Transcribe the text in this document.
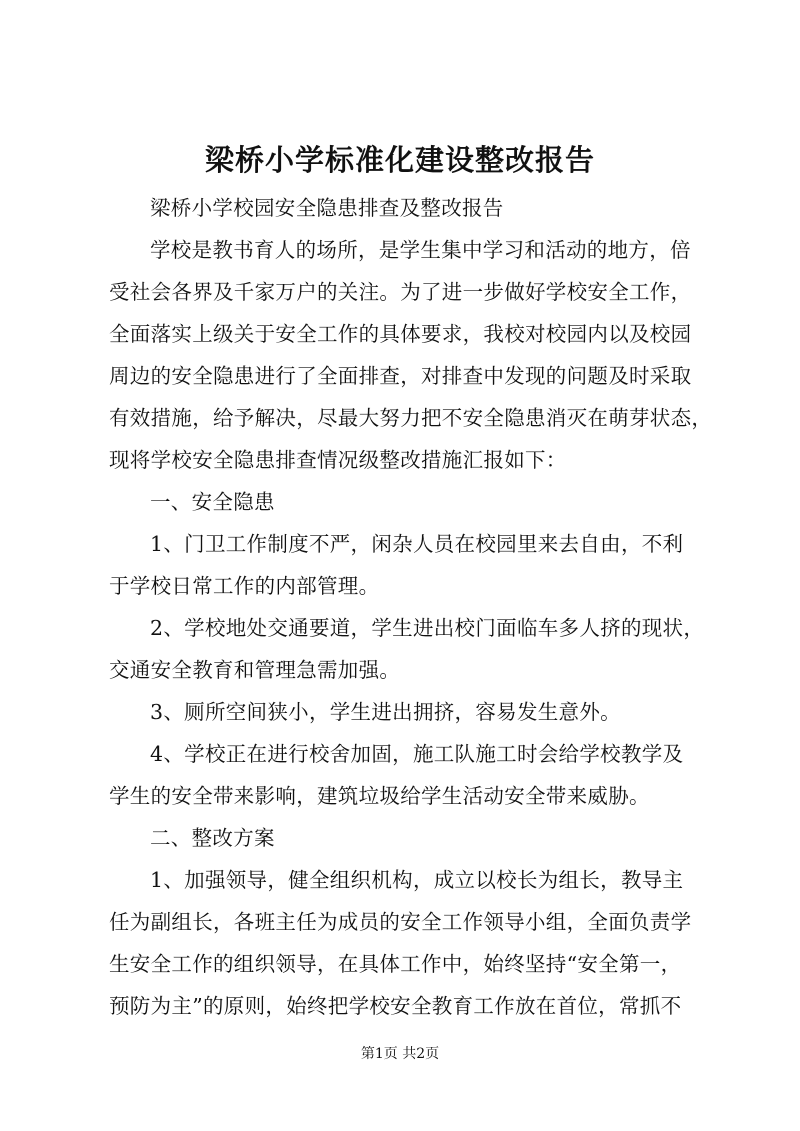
梁桥小学标准化建设整改报告
梁桥小学校园安全隐患排查及整改报告
学校是教书育人的场所，是学生集中学习和活动的地方，倍
受社会各界及千家万户的关注。为了进一步做好学校安全工作，
全面落实上级关于安全工作的具体要求，我校对校园内以及校园
周边的安全隐患进行了全面排查，对排查中发现的问题及时采取
有效措施，给予解决，尽最大努力把不安全隐患消灭在萌芽状态，
现将学校安全隐患排查情况级整改措施汇报如下：
一、安全隐患
1、门卫工作制度不严，闲杂人员在校园里来去自由，不利
于学校日常工作的内部管理。
2、学校地处交通要道，学生进出校门面临车多人挤的现状，
交通安全教育和管理急需加强。
3、厕所空间狭小，学生进出拥挤，容易发生意外。
4、学校正在进行校舍加固，施工队施工时会给学校教学及
学生的安全带来影响，建筑垃圾给学生活动安全带来威胁。
二、整改方案
1、加强领导，健全组织机构，成立以校长为组长，教导主
任为副组长，各班主任为成员的安全工作领导小组，全面负责学
生安全工作的组织领导，在具体工作中，始终坚持“安全第一，
预防为主”的原则，始终把学校安全教育工作放在首位，常抓不
第1页 共2页
